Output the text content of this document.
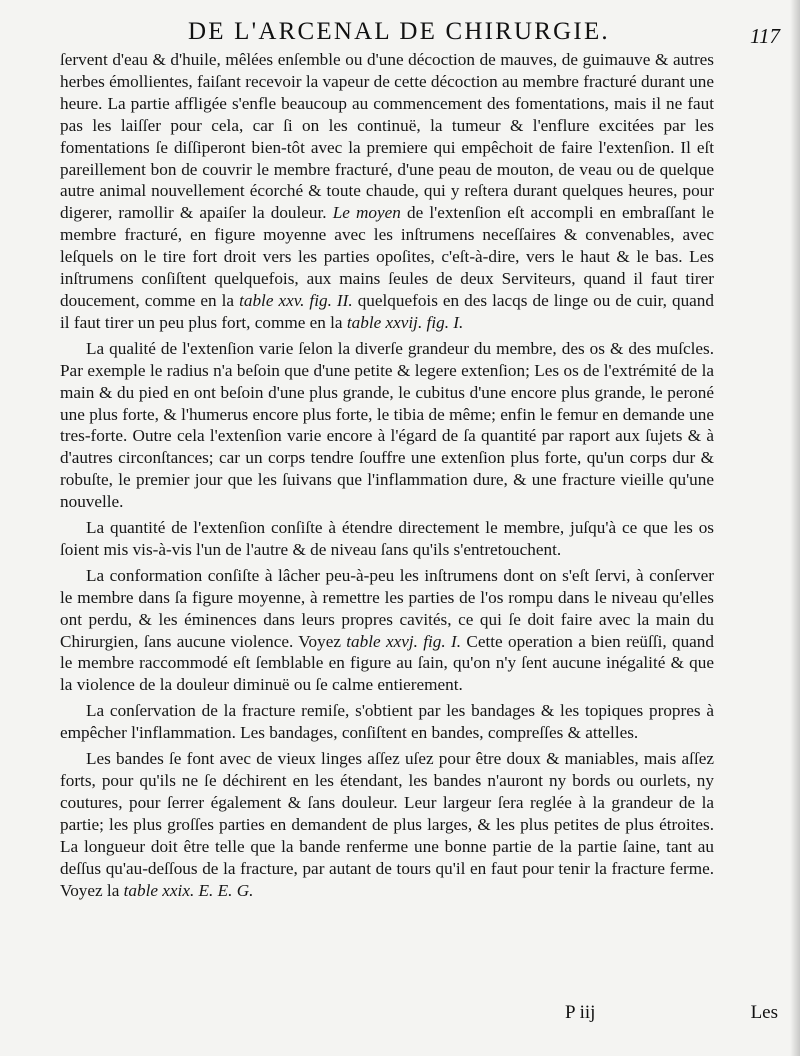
DE L'ARCENAL DE CHIRURGIE.	117

ſervent d'eau & d'huile, mêlées enſemble ou d'une décoction de mauves, de guimauve & autres herbes émollientes, faiſant recevoir la vapeur de cette décoction au membre fracturé durant une heure. La partie affligée s'enfle beaucoup au commencement des fomentations, mais il ne faut pas les laiſſer pour cela, car ſi on les continuë, la tumeur & l'enflure excitées par les fomentations ſe diſſiperont bien-tôt avec la premiere qui empêchoit de faire l'extenſion. Il eſt pareillement bon de couvrir le membre fracturé, d'une peau de mouton, de veau ou de quelque autre animal nouvellement écorché & toute chaude, qui y reſtera durant quelques heures, pour digerer, ramollir & apaiſer la douleur. Le moyen de l'extenſion eſt accompli en embraſſant le membre fracturé, en figure moyenne avec les inſtrumens neceſſaires & convenables, avec leſquels on le tire fort droit vers les parties opoſites, c'eſt-à-dire, vers le haut & le bas. Les inſtrumens conſiſtent quelquefois, aux mains ſeules de deux Serviteurs, quand il faut tirer doucement, comme en la table xxv. fig. II. quelquefois en des lacqs de linge ou de cuir, quand il faut tirer un peu plus fort, comme en la table xxvij. fig. I.

La qualité de l'extenſion varie ſelon la diverſe grandeur du membre, des os & des muſcles. Par exemple le radius n'a beſoin que d'une petite & legere extenſion; Les os de l'extrémité de la main & du pied en ont beſoin d'une plus grande, le cubitus d'une encore plus grande, le peroné une plus forte, & l'humerus encore plus forte, le tibia de même; enfin le femur en demande une tres-forte. Outre cela l'extenſion varie encore à l'égard de ſa quantité par raport aux ſujets & à d'autres circonſtances; car un corps tendre ſouffre une extenſion plus forte, qu'un corps dur & robuſte, le premier jour que les ſuivans que l'inflammation dure, & une fracture vieille qu'une nouvelle.

La quantité de l'extenſion conſiſte à étendre directement le membre, juſqu'à ce que les os ſoient mis vis-à-vis l'un de l'autre & de niveau ſans qu'ils s'entretouchent.

La conformation conſiſte à lâcher peu-à-peu les inſtrumens dont on s'eſt ſervi, à conſerver le membre dans ſa figure moyenne, à remettre les parties de l'os rompu dans le niveau qu'elles ont perdu, & les éminences dans leurs propres cavités, ce qui ſe doit faire avec la main du Chirurgien, ſans aucune violence. Voyez table xxvj. fig. I. Cette operation a bien reüſſi, quand le membre raccommodé eſt ſemblable en figure au ſain, qu'on n'y ſent aucune inégalité & que la violence de la douleur diminuë ou ſe calme entierement.

La conſervation de la fracture remiſe, s'obtient par les bandages & les topiques propres à empêcher l'inflammation. Les bandages, conſiſtent en bandes, compreſſes & attelles.

Les bandes ſe font avec de vieux linges aſſez uſez pour être doux & maniables, mais aſſez forts, pour qu'ils ne ſe déchirent en les étendant, les bandes n'auront ny bords ou ourlets, ny coutures, pour ſerrer également & ſans douleur. Leur largeur ſera reglée à la grandeur de la partie; les plus groſſes parties en demandent de plus larges, & les plus petites de plus étroites. La longueur doit être telle que la bande renferme une bonne partie de la partie ſaine, tant au deſſus qu'au-deſſous de la fracture, par autant de tours qu'il en faut pour tenir la fracture ferme. Voyez la table xxix. E. E. G.

P iij	Les
